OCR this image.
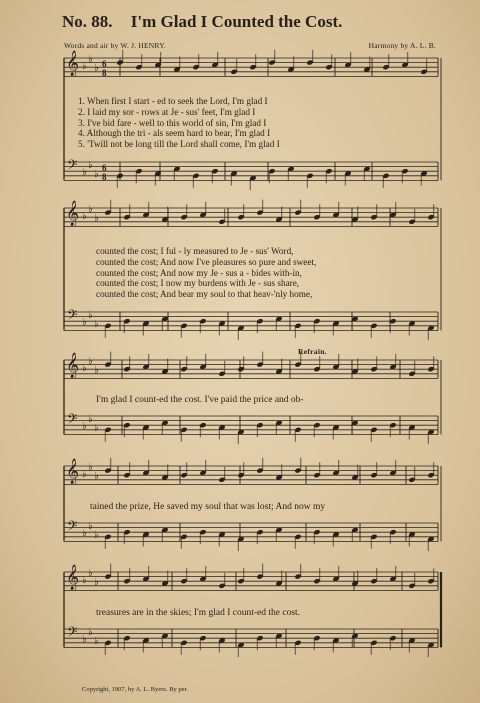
No. 88. I'm Glad I Counted the Cost.
Words and air by W. J. HENRY.	Harmony by A. L. B.
𝄞
𝄢
♭
♭
♭
♭
♭
♭
6
8
6
8
𝄞
𝄢
♭
♭
♭
♭
♭
♭
𝄞
𝄢
♭
♭
♭
♭
♭
♭
𝄞
𝄢
♭
♭
♭
♭
♭
♭
𝄞
𝄢
♭
♭
♭
♭
♭
♭
1. When first I start - ed to seek the Lord, I'm glad I
2. I laid my sor - rows at Je - sus' feet, I'm glad I
3. I've bid fare - well to this world of sin, I'm glad I
4. Although the tri - als seem hard to bear, I'm glad I
5. 'Twill not be long till the Lord shall come, I'm glad I
counted the cost; I ful - ly measured to Je - sus' Word,
counted the cost; And now I've pleasures so pure and sweet,
counted the cost; And now my Je - sus a - bides with-in,
counted the cost; I now my burdens with Je - sus share,
counted the cost; And bear my soul to that heav-'nly home,
Refrain.
I'm glad I count-ed the cost. I've paid the price and ob-
tained the prize, He saved my soul that was lost; And now my
treasures are in the skies; I'm glad I count-ed the cost.
Copyright, 1907, by A. L. Byers. By per.
